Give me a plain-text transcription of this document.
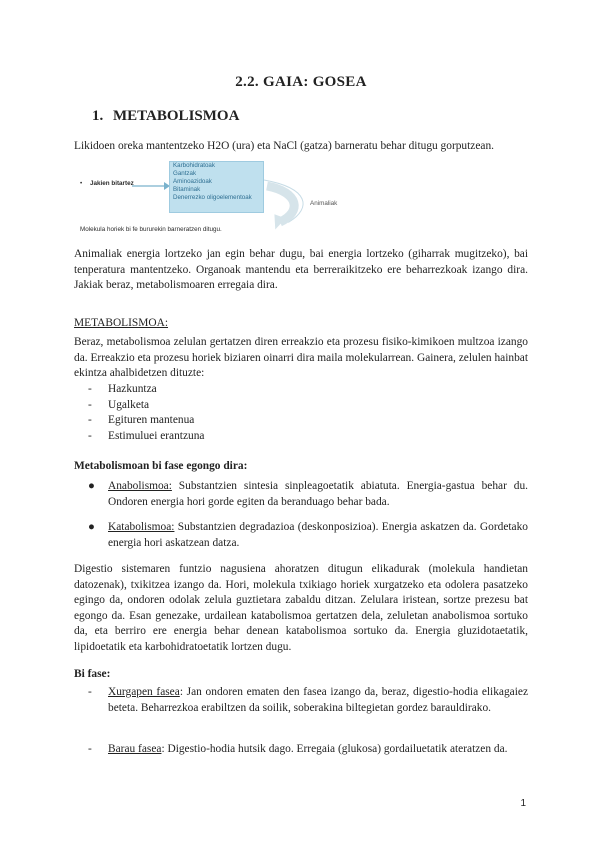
2.2. GAIA: GOSEA
1. METABOLISMOA
Likidoen oreka mantentzeko H2O (ura) eta NaCl (gatza) barneratu behar ditugu gorputzean.
• Jakien bitartez
Karbohidratoak
Gantzak
Aminoazidoak
Bitaminak
Denerrezko oligoelementoak
Animaliak
Molekula horiek bi fe bururekin barneratzen ditugu.
Animaliak energia lortzeko jan egin behar dugu, bai energia lortzeko (giharrak mugitzeko), bai tenperatura mantentzeko. Organoak mantendu eta berreraikitzeko ere beharrezkoak izango dira. Jakiak beraz, metabolismoaren erregaia dira.
METABOLISMOA:
Beraz, metabolismoa zelulan gertatzen diren erreakzio eta prozesu fisiko-kimikoen multzoa izango da. Erreakzio eta prozesu horiek biziaren oinarri dira maila molekularrean. Gainera, zelulen hainbat ekintza ahalbidetzen dituzte:
-	Hazkuntza
-	Ugalketa
-	Egituren mantenua
-	Estimuluei erantzuna
Metabolismoan bi fase egongo dira:
●	Anabolismoa: Substantzien sintesia sinpleagoetatik abiatuta. Energia-gastua behar du. Ondoren energia hori gorde egiten da beranduago behar bada.
●	Katabolismoa: Substantzien degradazioa (deskonposizioa). Energia askatzen da. Gordetako energia hori askatzean datza.
Digestio sistemaren funtzio nagusiena ahoratzen ditugun elikadurak (molekula handietan datozenak), txikitzea izango da. Hori, molekula txikiago horiek xurgatzeko eta odolera pasatzeko egingo da, ondoren odolak zelula guztietara zabaldu ditzan. Zelulara iristean, sortze prezesu bat egongo da. Esan genezake, urdailean katabolismoa gertatzen dela, zeluletan anabolismoa sortuko da, eta berriro ere energia behar denean katabolismoa sortuko da. Energia gluzidotaetatik, lipidoetatik eta karbohidratoetatik lortzen dugu.
Bi fase:
-	Xurgapen fasea: Jan ondoren ematen den fasea izango da, beraz, digestio-hodia elikagaiez beteta. Beharrezkoa erabiltzen da soilik, soberakina biltegietan gordez barauldirako.
-	Barau fasea: Digestio-hodia hutsik dago. Erregaia (glukosa) gordailuetatik ateratzen da.
1
